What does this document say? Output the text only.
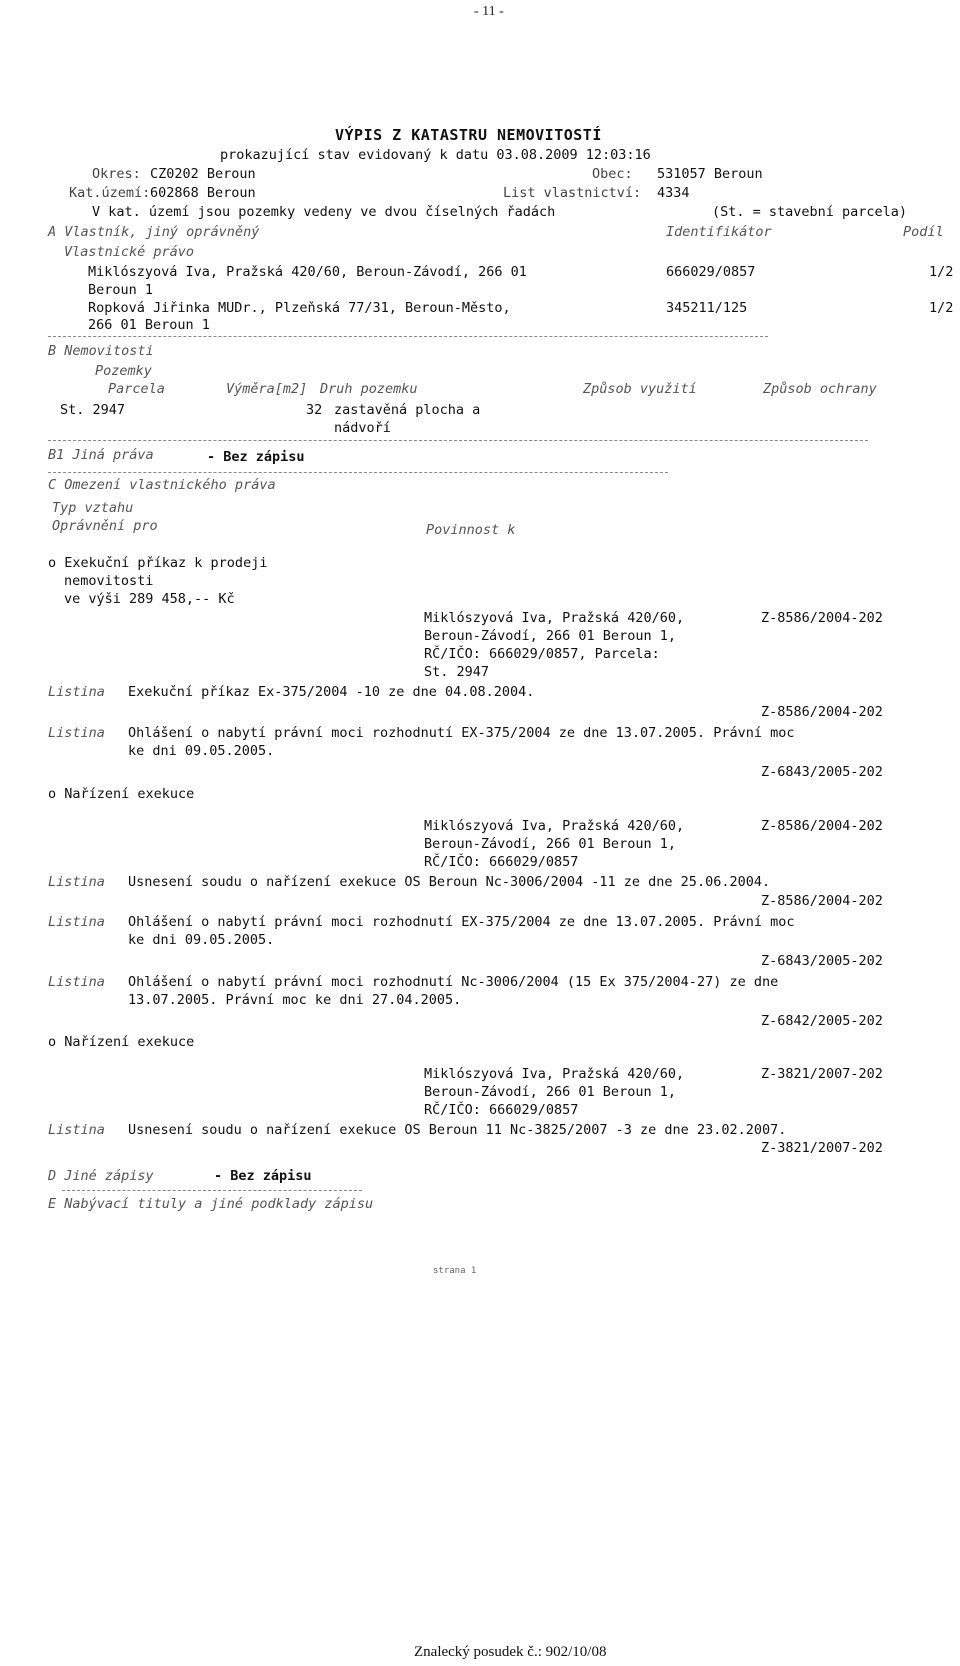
- 11 -
VÝPIS Z KATASTRU NEMOVITOSTÍ
prokazující stav evidovaný k datu 03.08.2009 12:03:16
Okres: CZ0202 Beroun	Obec: 531057 Beroun
Kat.území: 602868 Beroun	List vlastnictví: 4334
V kat. území jsou pozemky vedeny ve dvou číselných řadách	(St. = stavební parcela)
A Vlastník, jiný oprávněný	Identifikátor	Podíl
Vlastnické právo
Miklószyová Iva, Pražská 420/60, Beroun-Závodí, 266 01
Beroun 1
666029/0857	1/2
Ropková Jiřinka MUDr., Plzeňská 77/31, Beroun-Město,
266 01 Beroun 1
345211/125	1/2
B Nemovitosti
Pozemky
Parcela	Výměra[m2] Druh pozemku	Způsob využití	Způsob ochrany
St. 2947	32 zastavěná plocha a
nádvoří
B1 Jiná práva	- Bez zápisu
C Omezení vlastnického práva
Typ vztahu
Oprávnění pro	Povinnost k
o Exekuční příkaz k prodeji
nemovitosti
ve výši 289 458,-- Kč
Miklószyová Iva, Pražská 420/60,
Beroun-Závodí, 266 01 Beroun 1,
RČ/IČO: 666029/0857, Parcela:
St. 2947
Z-8586/2004-202
Listina Exekuční příkaz Ex-375/2004 -10 ze dne 04.08.2004.
Z-8586/2004-202
Listina Ohlášení o nabytí právní moci rozhodnutí EX-375/2004 ze dne 13.07.2005. Právní moc
ke dni 09.05.2005.
Z-6843/2005-202
o Nařízení exekuce
Miklószyová Iva, Pražská 420/60,
Beroun-Závodí, 266 01 Beroun 1,
RČ/IČO: 666029/0857
Z-8586/2004-202
Listina Usnesení soudu o nařízení exekuce OS Beroun Nc-3006/2004 -11 ze dne 25.06.2004.
Z-8586/2004-202
Listina Ohlášení o nabytí právní moci rozhodnutí EX-375/2004 ze dne 13.07.2005. Právní moc
ke dni 09.05.2005.
Z-6843/2005-202
Listina Ohlášení o nabytí právní moci rozhodnutí Nc-3006/2004 (15 Ex 375/2004-27) ze dne
13.07.2005. Právní moc ke dni 27.04.2005.
Z-6842/2005-202
o Nařízení exekuce
Miklószyová Iva, Pražská 420/60,
Beroun-Závodí, 266 01 Beroun 1,
RČ/IČO: 666029/0857
Z-3821/2007-202
Listina Usnesení soudu o nařízení exekuce OS Beroun 11 Nc-3825/2007 -3 ze dne 23.02.2007.
Z-3821/2007-202
D Jiné zápisy	- Bez zápisu
E Nabývací tituly a jiné podklady zápisu
strana 1
Znalecký posudek č.: 902/10/08
